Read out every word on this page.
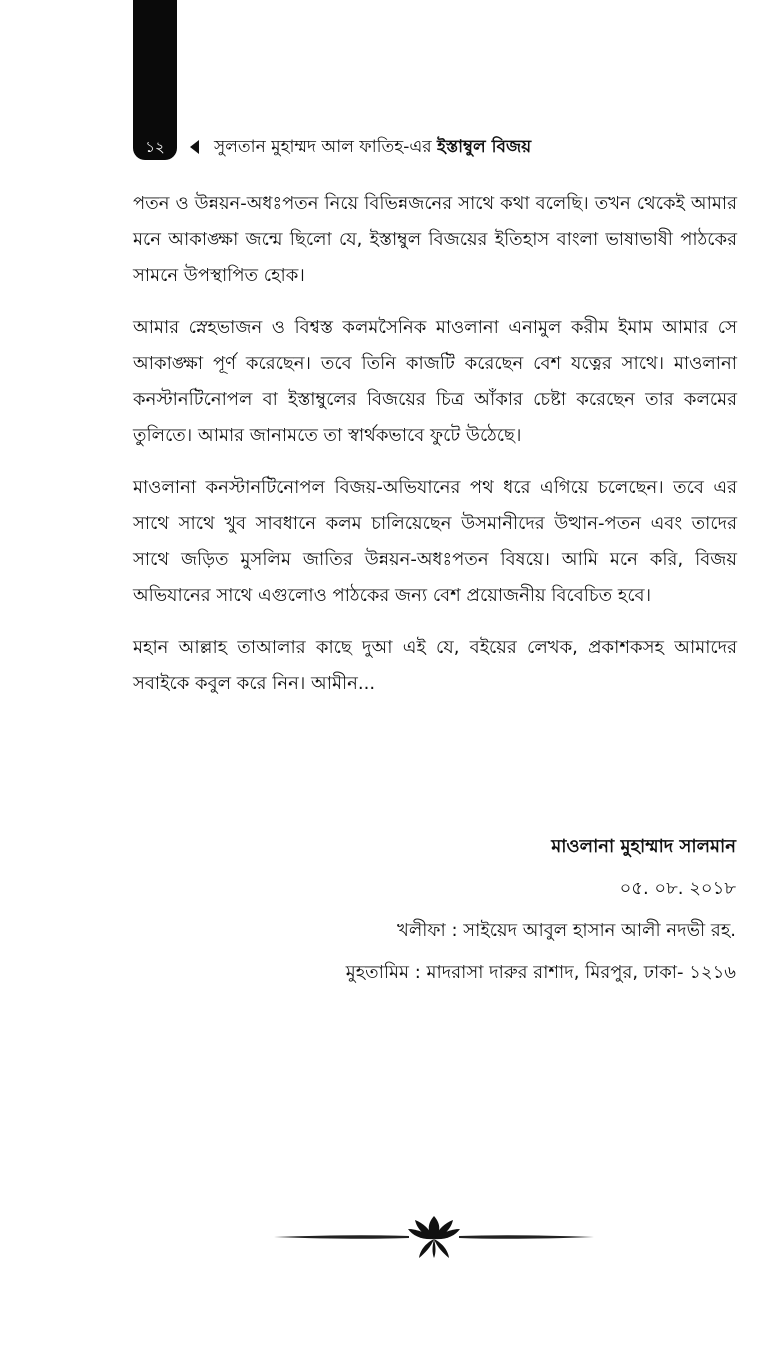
১২	সুলতান মুহাম্মদ আল ফাতিহ-এর ইস্তাম্বুল বিজয়

পতন ও উন্নয়ন-অধঃপতন নিয়ে বিভিন্নজনের সাথে কথা বলেছি। তখন থেকেই আমার মনে আকাঙ্ক্ষা জন্মে ছিলো যে, ইস্তাম্বুল বিজয়ের ইতিহাস বাংলা ভাষাভাষী পাঠকের সামনে উপস্থাপিত হোক।

আমার স্নেহভাজন ও বিশ্বস্ত কলমসৈনিক মাওলানা এনামুল করীম ইমাম আমার সে আকাঙ্ক্ষা পূর্ণ করেছেন। তবে তিনি কাজটি করেছেন বেশ যত্নের সাথে। মাওলানা কনস্টানটিনোপল বা ইস্তাম্বুলের বিজয়ের চিত্র আঁকার চেষ্টা করেছেন তার কলমের তুলিতে। আমার জানামতে তা স্বার্থকভাবে ফুটে উঠেছে।

মাওলানা কনস্টানটিনোপল বিজয়-অভিযানের পথ ধরে এগিয়ে চলেছেন। তবে এর সাথে সাথে খুব সাবধানে কলম চালিয়েছেন উসমানীদের উত্থান-পতন এবং তাদের সাথে জড়িত মুসলিম জাতির উন্নয়ন-অধঃপতন বিষয়ে। আমি মনে করি, বিজয় অভিযানের সাথে এগুলোও পাঠকের জন্য বেশ প্রয়োজনীয় বিবেচিত হবে।

মহান আল্লাহ তাআলার কাছে দুআ এই যে, বইয়ের লেখক, প্রকাশকসহ আমাদের সবাইকে কবুল করে নিন। আমীন...

মাওলানা মুহাম্মাদ সালমান
০৫. ০৮. ২০১৮
খলীফা : সাইয়েদ আবুল হাসান আলী নদভী রহ.
মুহতামিম : মাদরাসা দারুর রাশাদ, মিরপুর, ঢাকা- ১২১৬
